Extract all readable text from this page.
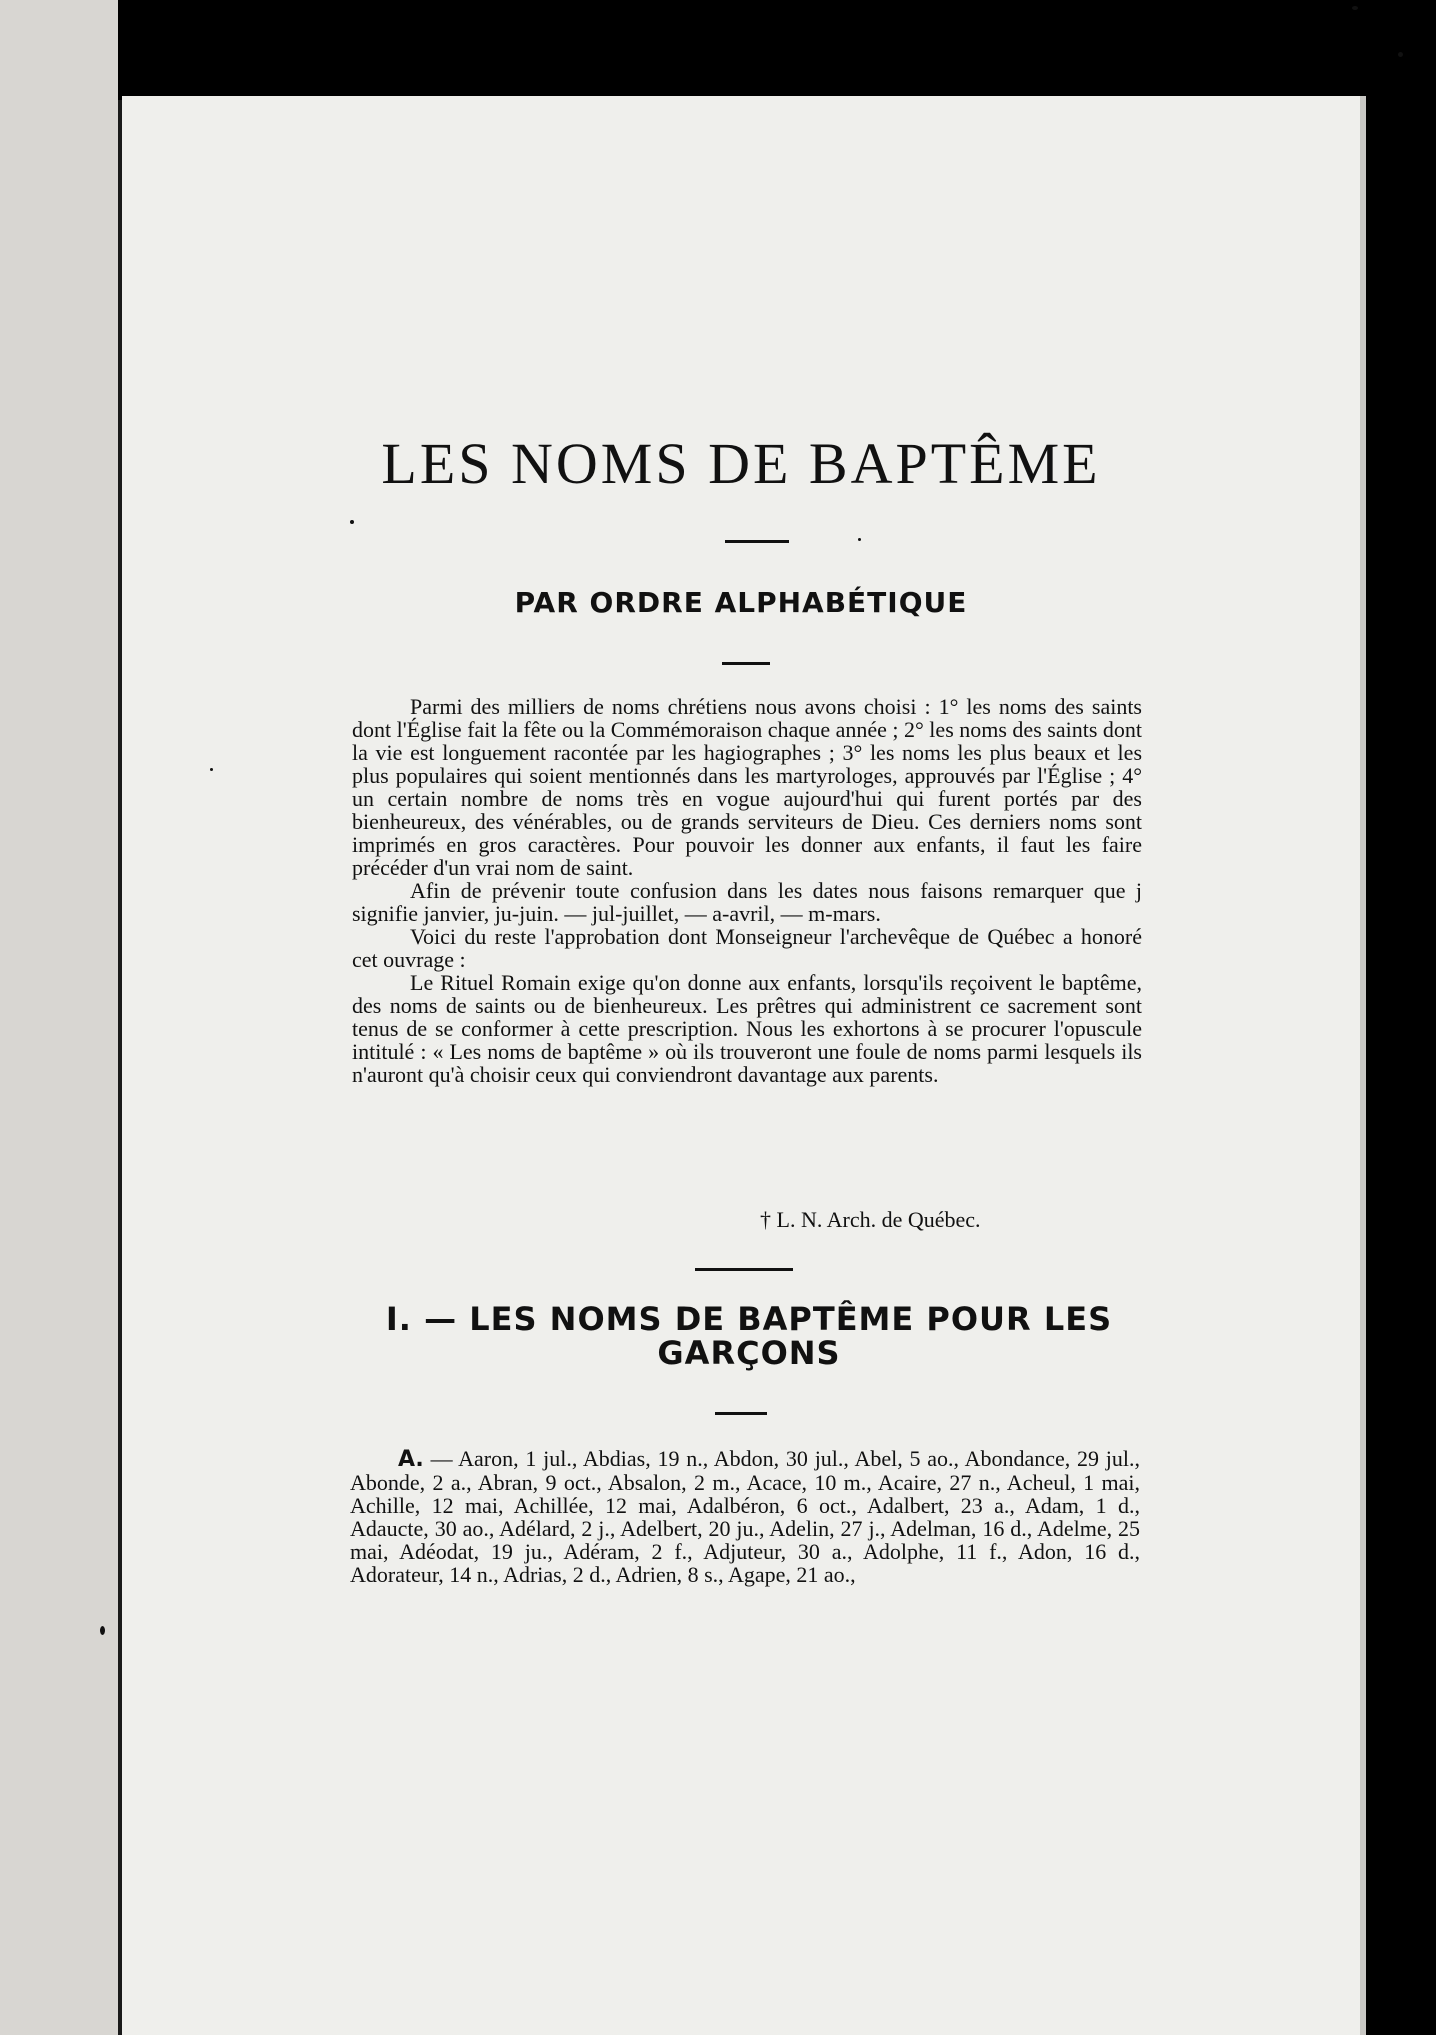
LES NOMS DE BAPTÊME
PAR ORDRE ALPHABÉTIQUE

Parmi des milliers de noms chrétiens nous avons choisi : 1° les noms des saints dont l'Église fait la fête ou la Commémoraison chaque année ; 2° les noms des saints dont la vie est longuement racontée par les hagiographes ; 3° les noms les plus beaux et les plus populaires qui soient mentionnés dans les martyrologes, approuvés par l'Église ; 4° un certain nombre de noms très en vogue aujourd'hui qui furent portés par des bienheureux, des vénérables, ou de grands serviteurs de Dieu. Ces derniers noms sont imprimés en gros caractères. Pour pouvoir les donner aux enfants, il faut les faire précéder d'un vrai nom de saint.

Afin de prévenir toute confusion dans les dates nous faisons remarquer que j signifie janvier, ju-juin. — jul-juillet, — a-avril, — m-mars.

Voici du reste l'approbation dont Monseigneur l'archevêque de Québec a honoré cet ouvrage :

Le Rituel Romain exige qu'on donne aux enfants, lorsqu'ils reçoivent le baptême, des noms de saints ou de bienheureux. Les prêtres qui administrent ce sacrement sont tenus de se conformer à cette prescription. Nous les exhortons à se procurer l'opuscule intitulé : « Les noms de baptême » où ils trouveront une foule de noms parmi lesquels ils n'auront qu'à choisir ceux qui conviendront davantage aux parents.

† L. N. Arch. de Québec.
I. — LES NOMS DE BAPTÊME POUR LES GARÇONS

A. — Aaron, 1 jul., Abdias, 19 n., Abdon, 30 jul., Abel, 5 ao., Abondance, 29 jul., Abonde, 2 a., Abran, 9 oct., Absalon, 2 m., Acace, 10 m., Acaire, 27 n., Acheul, 1 mai, Achille, 12 mai, Achillée, 12 mai, Adalbéron, 6 oct., Adalbert, 23 a., Adam, 1 d., Adaucte, 30 ao., Adélard, 2 j., Adelbert, 20 ju., Adelin, 27 j., Adelman, 16 d., Adelme, 25 mai, Adéodat, 19 ju., Adéram, 2 f., Adjuteur, 30 a., Adolphe, 11 f., Adon, 16 d., Adorateur, 14 n., Adrias, 2 d., Adrien, 8 s., Agape, 21 ao.,
